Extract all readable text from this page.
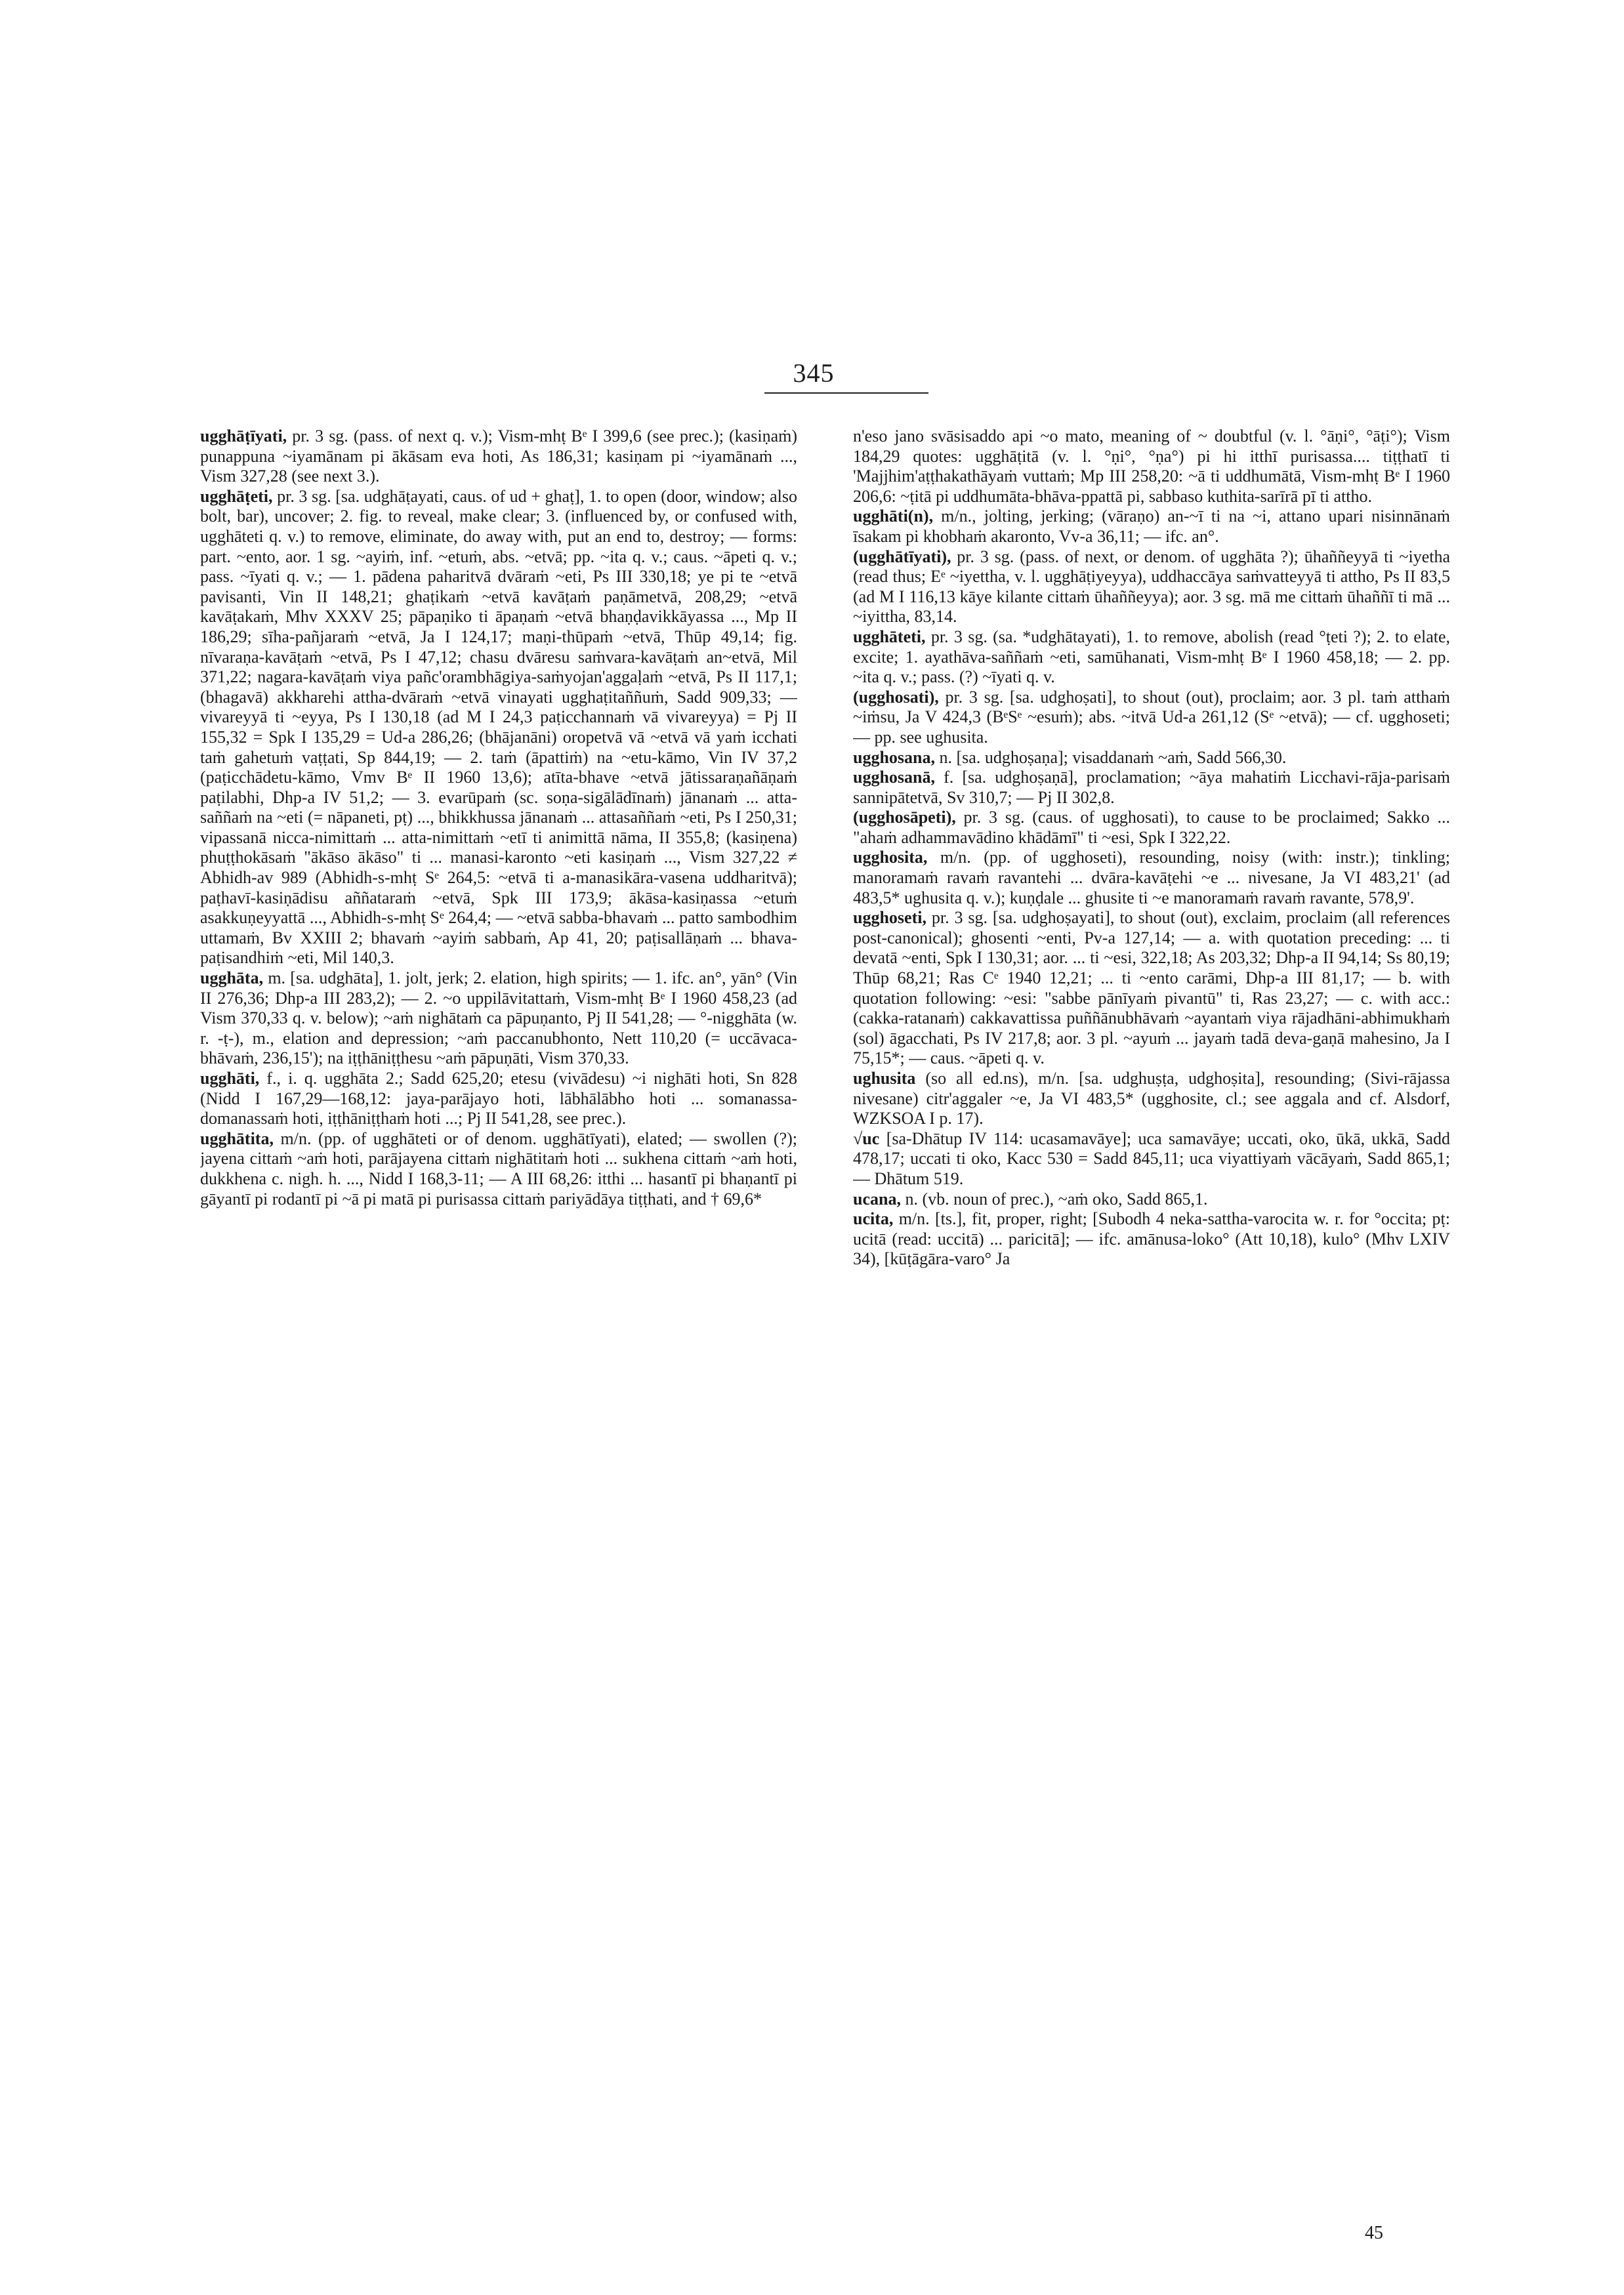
345

ugghāṭīyati, pr. 3 sg. (pass. of next q. v.); Vism-mhṭ Bᵉ I 399,6 (see prec.); (kasiṇaṁ) punappuna ~iyamānam pi ākāsam eva hoti, As 186,31; kasiṇam pi ~iyamānaṁ ..., Vism 327,28 (see next 3.).

ugghāṭeti, pr. 3 sg. [sa. udghāṭayati, caus. of ud + ghaṭ], 1. to open (door, window; also bolt, bar), uncover; 2. fig. to reveal, make clear; 3. (influenced by, or confused with, ugghāteti q. v.) to remove, eliminate, do away with, put an end to, destroy; — forms: part. ~ento, aor. 1 sg. ~ayiṁ, inf. ~etuṁ, abs. ~etvā; pp. ~ita q. v.; caus. ~āpeti q. v.; pass. ~īyati q. v.; — 1. pādena paharitvā dvāraṁ ~eti, Ps III 330,18; ye pi te ~etvā pavisanti, Vin II 148,21; ghaṭikaṁ ~etvā kavāṭaṁ paṇāmetvā, 208,29; ~etvā kavāṭakaṁ, Mhv XXXV 25; pāpaṇiko ti āpaṇaṁ ~etvā bhaṇḍavikkāyassa ..., Mp II 186,29; sīha-pañjaraṁ ~etvā, Ja I 124,17; maṇi-thūpaṁ ~etvā, Thūp 49,14; fig. nīvaraṇa-kavāṭaṁ ~etvā, Ps I 47,12; chasu dvāresu saṁvara-kavāṭaṁ an~etvā, Mil 371,22; nagara-kavāṭaṁ viya pañc'orambhāgiya-saṁyojan'aggaḷaṁ ~etvā, Ps II 117,1; (bhagavā) akkharehi attha-dvāraṁ ~etvā vinayati ugghaṭitaññuṁ, Sadd 909,33; — vivareyyā ti ~eyya, Ps I 130,18 (ad M I 24,3 paṭicchannaṁ vā vivareyya) = Pj II 155,32 = Spk I 135,29 = Ud-a 286,26; (bhājanāni) oropetvā vā ~etvā vā yaṁ icchati taṁ gahetuṁ vaṭṭati, Sp 844,19; — 2. taṁ (āpattiṁ) na ~etu-kāmo, Vin IV 37,2 (paṭicchādetu-kāmo, Vmv Bᵉ II 1960 13,6); atīta-bhave ~etvā jātissaraṇañāṇaṁ paṭilabhi, Dhp-a IV 51,2; — 3. evarūpaṁ (sc. soṇa-sigālādīnaṁ) jānanaṁ ... atta-saññaṁ na ~eti (= nāpaneti, pṭ) ..., bhikkhussa jānanaṁ ... attasaññaṁ ~eti, Ps I 250,31; vipassanā nicca-nimittaṁ ... atta-nimittaṁ ~etī ti animittā nāma, II 355,8; (kasiṇena) phuṭṭhokāsaṁ "ākāso ākāso" ti ... manasi-karonto ~eti kasiṇaṁ ..., Vism 327,22 ≠ Abhidh-av 989 (Abhidh-s-mhṭ Sᵉ 264,5: ~etvā ti a-manasikāra-vasena uddharitvā); paṭhavī-kasiṇādisu aññataraṁ ~etvā, Spk III 173,9; ākāsa-kasiṇassa ~etuṁ asakkuṇeyyattā ..., Abhidh-s-mhṭ Sᵉ 264,4; — ~etvā sabba-bhavaṁ ... patto sambodhim uttamaṁ, Bv XXIII 2; bhavaṁ ~ayiṁ sabbaṁ, Ap 41, 20; paṭisallāṇaṁ ... bhava-paṭisandhiṁ ~eti, Mil 140,3.

ugghāta, m. [sa. udghāta], 1. jolt, jerk; 2. elation, high spirits; — 1. ifc. an°, yān° (Vin II 276,36; Dhp-a III 283,2); — 2. ~o uppilāvitattaṁ, Vism-mhṭ Bᵉ I 1960 458,23 (ad Vism 370,33 q. v. below); ~aṁ nighātaṁ ca pāpuṇanto, Pj II 541,28; — °-nigghāta (w. r. -ṭ-), m., elation and depression; ~aṁ paccanubhonto, Nett 110,20 (= uccāvaca-bhāvaṁ, 236,15'); na iṭṭhāniṭṭhesu ~aṁ pāpuṇāti, Vism 370,33.

ugghāti, f., i. q. ugghāta 2.; Sadd 625,20; etesu (vivādesu) ~i nighāti hoti, Sn 828 (Nidd I 167,29—168,12: jaya-parājayo hoti, lābhālābho hoti ... somanassa-domanassaṁ hoti, iṭṭhāniṭṭhaṁ hoti ...; Pj II 541,28, see prec.).

ugghātita, m/n. (pp. of ugghāteti or of denom. ugghātīyati), elated; — swollen (?); jayena cittaṁ ~aṁ hoti, parājayena cittaṁ nighātitaṁ hoti ... sukhena cittaṁ ~aṁ hoti, dukkhena c. nigh. h. ..., Nidd I 168,3-11; — A III 68,26: itthi ... hasantī pi bhaṇantī pi gāyantī pi rodantī pi ~ā pi matā pi purisassa cittaṁ pariyādāya tiṭṭhati, and † 69,6*

n'eso jano svāsisaddo api ~o mato, meaning of ~ doubtful (v. l. °āṇi°, °āṭi°); Vism 184,29 quotes: ugghāṭitā (v. l. °ṇi°, °ṇa°) pi hi itthī purisassa.... tiṭṭhatī ti 'Majjhim'aṭṭhakathāyaṁ vuttaṁ; Mp III 258,20: ~ā ti uddhumātā, Vism-mhṭ Bᵉ I 1960 206,6: ~ṭitā pi uddhumāta-bhāva-ppattā pi, sabbaso kuthita-sarīrā pī ti attho.

ugghāti(n), m/n., jolting, jerking; (vāraṇo) an-~ī ti na ~i, attano upari nisinnānaṁ īsakam pi khobhaṁ akaronto, Vv-a 36,11; — ifc. an°.

(ugghātīyati), pr. 3 sg. (pass. of next, or denom. of ugghāta ?); ūhaññeyyā ti ~iyetha (read thus; Eᵉ ~iyettha, v. l. ugghāṭiyeyya), uddhaccāya saṁvatteyyā ti attho, Ps II 83,5 (ad M I 116,13 kāye kilante cittaṁ ūhaññeyya); aor. 3 sg. mā me cittaṁ ūhaññī ti mā ... ~iyittha, 83,14.

ugghāteti, pr. 3 sg. (sa. *udghātayati), 1. to remove, abolish (read °ṭeti ?); 2. to elate, excite; 1. ayathāva-saññaṁ ~eti, samūhanati, Vism-mhṭ Bᵉ I 1960 458,18; — 2. pp. ~ita q. v.; pass. (?) ~īyati q. v.

(ugghosati), pr. 3 sg. [sa. udghoṣati], to shout (out), proclaim; aor. 3 pl. taṁ atthaṁ ~iṁsu, Ja V 424,3 (BᵉSᵉ ~esuṁ); abs. ~itvā Ud-a 261,12 (Sᵉ ~etvā); — cf. ugghoseti; — pp. see ughusita.

ugghosana, n. [sa. udghoṣaṇa]; visaddanaṁ ~aṁ, Sadd 566,30.

ugghosanā, f. [sa. udghoṣaṇā], proclamation; ~āya mahatiṁ Licchavi-rāja-parisaṁ sannipātetvā, Sv 310,7; — Pj II 302,8.

(ugghosāpeti), pr. 3 sg. (caus. of ugghosati), to cause to be proclaimed; Sakko ... "ahaṁ adhammavādino khādāmī" ti ~esi, Spk I 322,22.

ugghosita, m/n. (pp. of ugghoseti), resounding, noisy (with: instr.); tinkling; manoramaṁ ravaṁ ravantehi ... dvāra-kavāṭehi ~e ... nivesane, Ja VI 483,21' (ad 483,5* ughusita q. v.); kuṇḍale ... ghusite ti ~e manoramaṁ ravaṁ ravante, 578,9'.

ugghoseti, pr. 3 sg. [sa. udghoṣayati], to shout (out), exclaim, proclaim (all references post-canonical); ghosenti ~enti, Pv-a 127,14; — a. with quotation preceding: ... ti devatā ~enti, Spk I 130,31; aor. ... ti ~esi, 322,18; As 203,32; Dhp-a II 94,14; Ss 80,19; Thūp 68,21; Ras Cᵉ 1940 12,21; ... ti ~ento carāmi, Dhp-a III 81,17; — b. with quotation following: ~esi: "sabbe pānīyaṁ pivantū" ti, Ras 23,27; — c. with acc.: (cakka-ratanaṁ) cakkavattissa puññānubhāvaṁ ~ayantaṁ viya rājadhāni-abhimukhaṁ (sol) āgacchati, Ps IV 217,8; aor. 3 pl. ~ayuṁ ... jayaṁ tadā deva-gaṇā mahesino, Ja I 75,15*; — caus. ~āpeti q. v.

ughusita (so all ed.ns), m/n. [sa. udghuṣṭa, udghoṣita], resounding; (Sivi-rājassa nivesane) citr'aggaler ~e, Ja VI 483,5* (ugghosite, cl.; see aggala and cf. Alsdorf, WZKSOA I p. 17).

√uc [sa-Dhātup IV 114: ucasamavāye]; uca samavāye; uccati, oko, ūkā, ukkā, Sadd 478,17; uccati ti oko, Kacc 530 = Sadd 845,11; uca viyattiyaṁ vācāyaṁ, Sadd 865,1; — Dhātum 519.

ucana, n. (vb. noun of prec.), ~aṁ oko, Sadd 865,1.

ucita, m/n. [ts.], fit, proper, right; [Subodh 4 neka-sattha-varocita w. r. for °occita; pṭ: ucitā (read: uccitā) ... paricitā]; — ifc. amānusa-loko° (Att 10,18), kulo° (Mhv LXIV 34), [kūṭāgāra-varo° Ja

45
